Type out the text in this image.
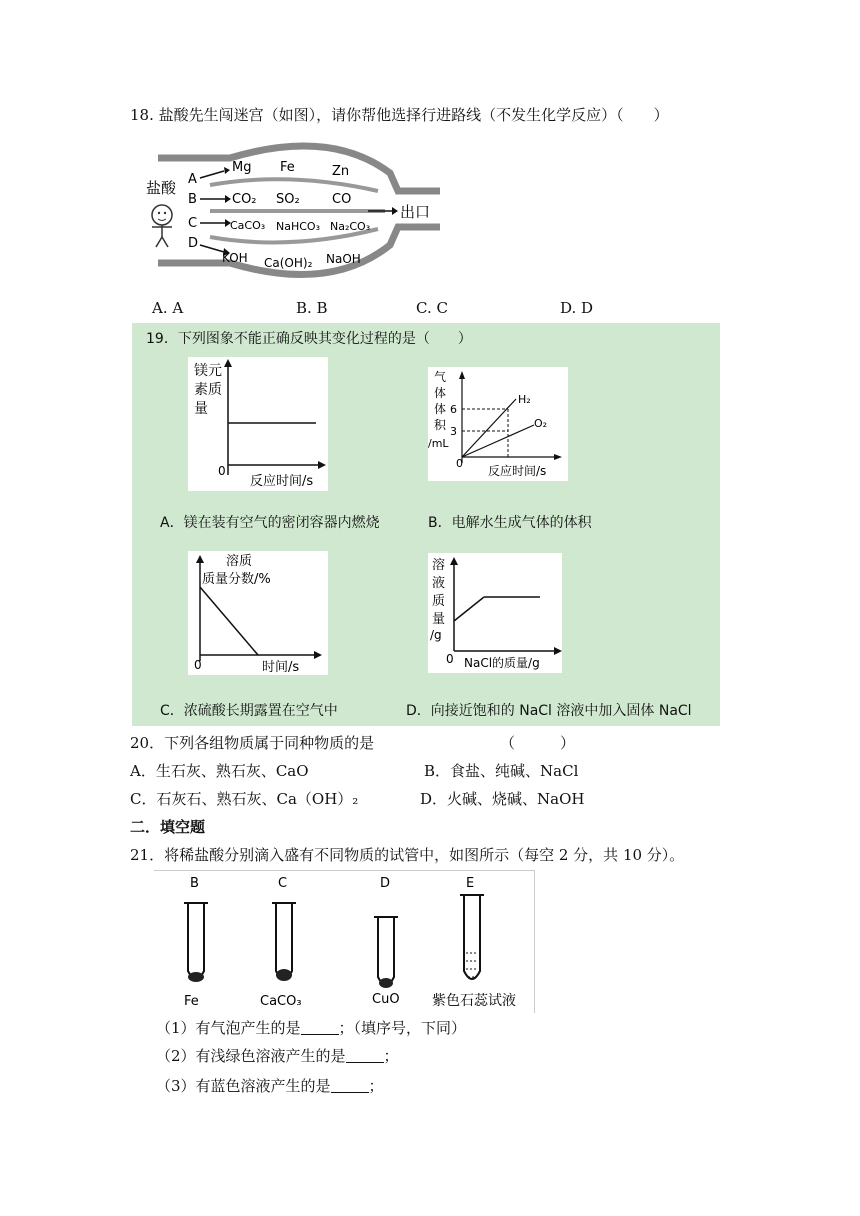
18. 盐酸先生闯迷宫（如图），请你帮他选择行进路线（不发生化学反应）（　　）
盐酸
出口
A
B
C
D
Mg Fe	Zn
CO₂ SO₂ CO
CaCO₃ NaHCO₃ Na₂CO₃
KOH Ca(OH)₂ NaOH
A. A	B. B	C. C	D. D
19．下列图象不能正确反映其变化过程的是（　　）
镁元
素质
量
0
反应时间/s
气
体
体
积
/mL
6
3
0
H₂
O₂
反应时间/s
A．镁在装有空气的密闭容器内燃烧	B．电解水生成气体的体积
溶质
质量分数/%
0	时间/s
溶
液
质
量
/g
0 NaCl的质量/g
C．浓硫酸长期露置在空气中	D．向接近饱和的 NaCl 溶液中加入固体 NaCl
20．下列各组物质属于同种物质的是	（　　　）
A．生石灰、熟石灰、CaO	B．食盐、纯碱、NaCl
C．石灰石、熟石灰、Ca（OH）₂	D．火碱、烧碱、NaOH
二．填空题
21．将稀盐酸分别滴入盛有不同物质的试管中，如图所示（每空 2 分，共 10 分）。
B	C	D	E
Fe	CaCO₃	CuO 紫色石蕊试液
（1）有气泡产生的是	；（填序号，下同）
（2）有浅绿色溶液产生的是	；
（3）有蓝色溶液产生的是	；
